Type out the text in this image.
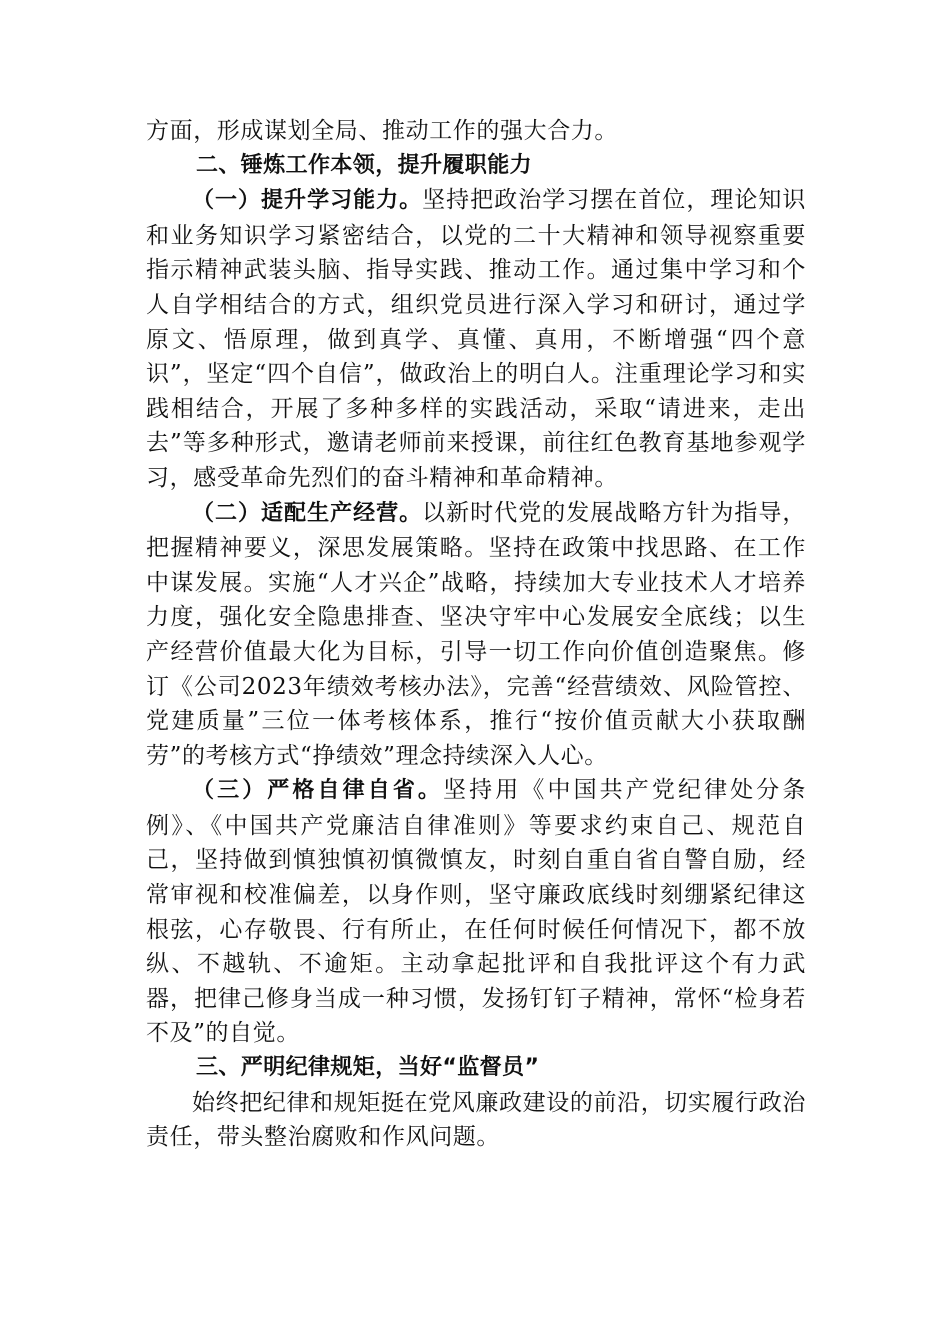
方面，形成谋划全局、推动工作的强大合力。

二、锤炼工作本领，提升履职能力

（一）提升学习能力。坚持把政治学习摆在首位，理论知识和业务知识学习紧密结合，以党的二十大精神和领导视察重要指示精神武装头脑、指导实践、推动工作。通过集中学习和个人自学相结合的方式，组织党员进行深入学习和研讨，通过学原文、悟原理，做到真学、真懂、真用，不断增强“四个意识”，坚定“四个自信”，做政治上的明白人。注重理论学习和实践相结合，开展了多种多样的实践活动，采取“请进来，走出去”等多种形式，邀请老师前来授课，前往红色教育基地参观学习，感受革命先烈们的奋斗精神和革命精神。

（二）适配生产经营。以新时代党的发展战略方针为指导，把握精神要义，深思发展策略。坚持在政策中找思路、在工作中谋发展。实施“人才兴企”战略，持续加大专业技术人才培养力度，强化安全隐患排查、坚决守牢中心发展安全底线；以生产经营价值最大化为目标，引导一切工作向价值创造聚焦。修订《公司2023年绩效考核办法》，完善“经营绩效、风险管控、党建质量”三位一体考核体系，推行“按价值贡献大小获取酬劳”的考核方式“挣绩效”理念持续深入人心。

（三）严格自律自省。坚持用《中国共产党纪律处分条例》、《中国共产党廉洁自律准则》等要求约束自己、规范自己，坚持做到慎独慎初慎微慎友，时刻自重自省自警自励，经常审视和校准偏差，以身作则，坚守廉政底线时刻绷紧纪律这根弦，心存敬畏、行有所止，在任何时候任何情况下，都不放纵、不越轨、不逾矩。主动拿起批评和自我批评这个有力武器，把律己修身当成一种习惯，发扬钉钉子精神，常怀“检身若不及”的自觉。

三、严明纪律规矩，当好“监督员”

始终把纪律和规矩挺在党风廉政建设的前沿，切实履行政治责任，带头整治腐败和作风问题。
